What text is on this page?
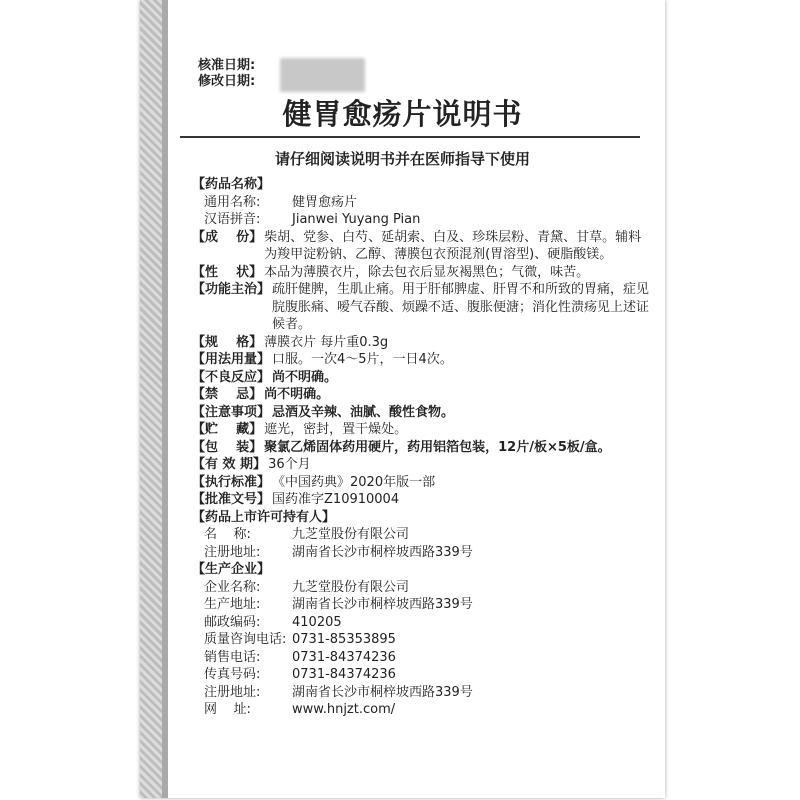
核准日期:
修改日期:
健胃愈疡片说明书
请仔细阅读说明书并在医师指导下使用
【药品名称】
通用名称:	健胃愈疡片
汉语拼音:	Jianwei Yuyang Pian
【成    份】 柴胡、党参、白芍、延胡索、白及、珍珠层粉、青黛、甘草。辅料为羧甲淀粉钠、乙醇、薄膜包衣预混剂(胃溶型)、硬脂酸镁。
【性    状】 本品为薄膜衣片，除去包衣后显灰褐黑色；气微，味苦。
【功能主治】 疏肝健脾，生肌止痛。用于肝郁脾虚、肝胃不和所致的胃痛，症见脘腹胀痛、嗳气吞酸、烦躁不适、腹胀便溏；消化性溃疡见上述证候者。
【规    格】 薄膜衣片 每片重0.3g
【用法用量】 口服。一次4～5片，一日4次。
【不良反应】 尚不明确。
【禁    忌】 尚不明确。
【注意事项】 忌酒及辛辣、油腻、酸性食物。
【贮    藏】 遮光，密封，置干燥处。
【包    装】 聚氯乙烯固体药用硬片，药用铝箔包装，12片/板×5板/盒。
【有 效 期】 36个月
【执行标准】 《中国药典》2020年版一部
【批准文号】 国药准字Z10910004
【药品上市许可持有人】
名    称:	九芝堂股份有限公司
注册地址:	湖南省长沙市桐梓坡西路339号
【生产企业】
企业名称:	九芝堂股份有限公司
生产地址:	湖南省长沙市桐梓坡西路339号
邮政编码:	410205
质量咨询电话: 0731-85353895
销售电话:	0731-84374236
传真号码:	0731-84374236
注册地址:	湖南省长沙市桐梓坡西路339号
网    址:	www.hnjzt.com/
